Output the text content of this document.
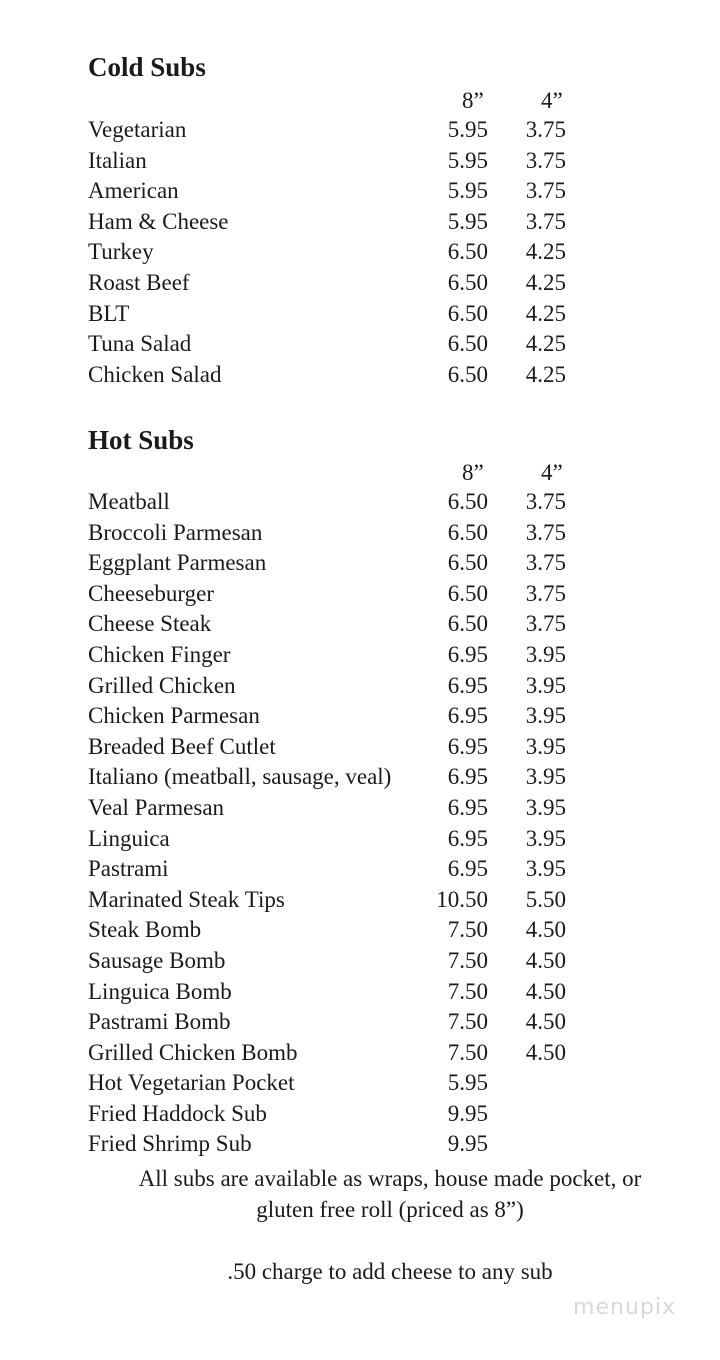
Cold Subs
8” 4”
Vegetarian	5.95 3.75
Italian	5.95 3.75
American	5.95 3.75
Ham & Cheese	5.95 3.75
Turkey	6.50 4.25
Roast Beef	6.50 4.25
BLT	6.50 4.25
Tuna Salad	6.50 4.25
Chicken Salad	6.50 4.25
Hot Subs
8” 4”
Meatball	6.50 3.75
Broccoli Parmesan	6.50 3.75
Eggplant Parmesan	6.50 3.75
Cheeseburger	6.50 3.75
Cheese Steak	6.50 3.75
Chicken Finger	6.95 3.95
Grilled Chicken	6.95 3.95
Chicken Parmesan	6.95 3.95
Breaded Beef Cutlet	6.95 3.95
Italiano (meatball, sausage, veal) 6.95 3.95
Veal Parmesan	6.95 3.95
Linguica	6.95 3.95
Pastrami	6.95 3.95
Marinated Steak Tips	10.50 5.50
Steak Bomb	7.50 4.50
Sausage Bomb	7.50 4.50
Linguica Bomb	7.50 4.50
Pastrami Bomb	7.50 4.50
Grilled Chicken Bomb	7.50 4.50
Hot Vegetarian Pocket	5.95
Fried Haddock Sub	9.95
Fried Shrimp Sub	9.95
All subs are available as wraps, house made pocket, or
gluten free roll (priced as 8”)
.50 charge to add cheese to any sub
menupix
